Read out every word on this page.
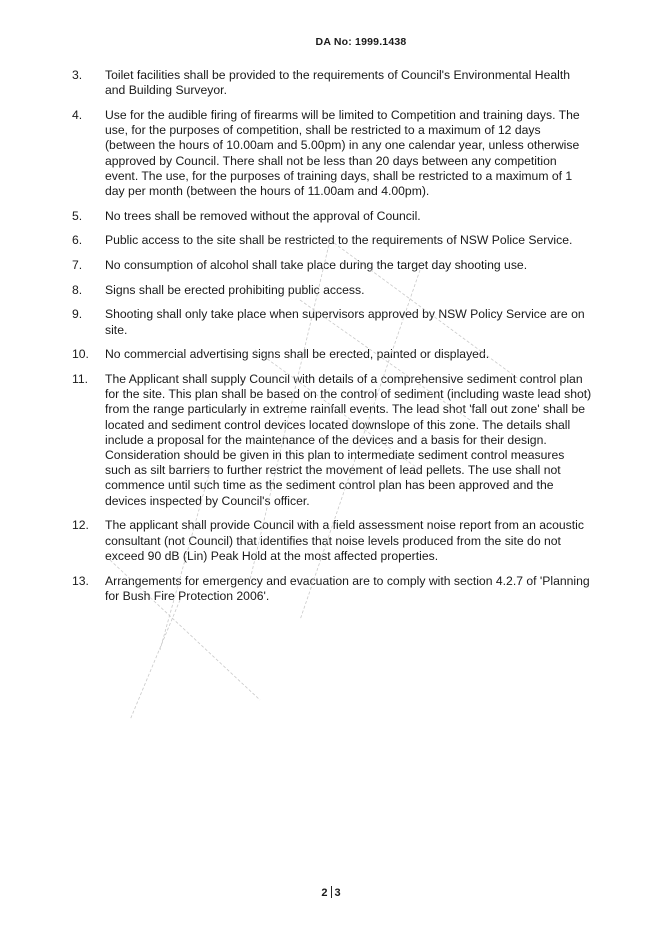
DA No: 1999.1438
3.	Toilet facilities shall be provided to the requirements of Council's Environmental Health and Building Surveyor.

4.	Use for the audible firing of firearms will be limited to Competition and training days. The use, for the purposes of competition, shall be restricted to a maximum of 12 days (between the hours of 10.00am and 5.00pm) in any one calendar year, unless otherwise approved by Council. There shall not be less than 20 days between any competition event. The use, for the purposes of training days, shall be restricted to a maximum of 1 day per month (between the hours of 11.00am and 4.00pm).

5.	No trees shall be removed without the approval of Council.

6.	Public access to the site shall be restricted to the requirements of NSW Police Service.

7.	No consumption of alcohol shall take place during the target day shooting use.

8.	Signs shall be erected prohibiting public access.

9.	Shooting shall only take place when supervisors approved by NSW Policy Service are on site.

10.	No commercial advertising signs shall be erected, painted or displayed.

11.	The Applicant shall supply Council with details of a comprehensive sediment control plan for the site. This plan shall be based on the control of sediment (including waste lead shot) from the range particularly in extreme rainfall events. The lead shot 'fall out zone' shall be located and sediment control devices located downslope of this zone. The details shall include a proposal for the maintenance of the devices and a basis for their design. Consideration should be given in this plan to intermediate sediment control measures such as silt barriers to further restrict the movement of lead pellets. The use shall not commence until such time as the sediment control plan has been approved and the devices inspected by Council's officer.

12.	The applicant shall provide Council with a field assessment noise report from an acoustic consultant (not Council) that identifies that noise levels produced from the site do not exceed 90 dB (Lin) Peak Hold at the most affected properties.

13.	Arrangements for emergency and evacuation are to comply with section 4.2.7 of 'Planning for Bush Fire Protection 2006'.

2 3
